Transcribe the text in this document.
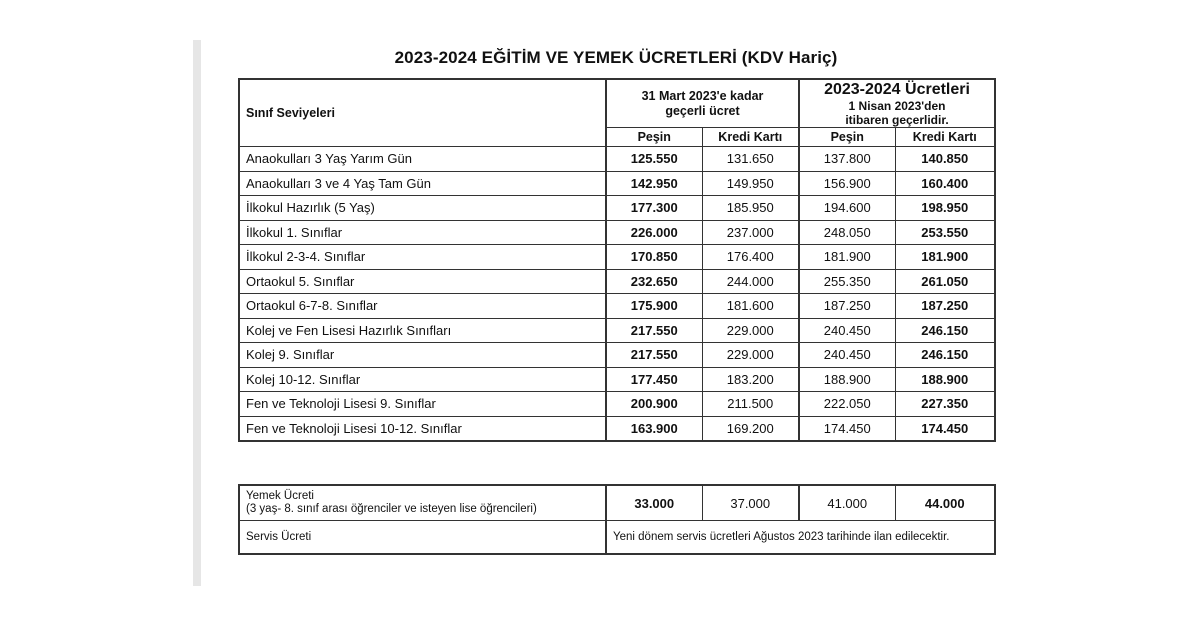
2023-2024 EĞİTİM VE YEMEK ÜCRETLERİ (KDV Hariç)
Sınıf Seviyeleri	31 Mart 2023'e kadar
geçerli ücret		2023-2024 Ücretleri
1 Nisan 2023'den
itibaren geçerlidir.	
	Peşin	Kredi Kartı	Peşin	Kredi Kartı
Anaokulları 3 Yaş Yarım Gün	125.550	131.650	137.800	140.850
Anaokulları 3 ve 4 Yaş Tam Gün	142.950	149.950	156.900	160.400
İlkokul Hazırlık (5 Yaş)	177.300	185.950	194.600	198.950
İlkokul 1. Sınıflar	226.000	237.000	248.050	253.550
İlkokul 2-3-4. Sınıflar	170.850	176.400	181.900	181.900
Ortaokul 5. Sınıflar	232.650	244.000	255.350	261.050
Ortaokul 6-7-8. Sınıflar	175.900	181.600	187.250	187.250
Kolej ve Fen Lisesi Hazırlık Sınıfları	217.550	229.000	240.450	246.150
Kolej 9. Sınıflar	217.550	229.000	240.450	246.150
Kolej 10-12. Sınıflar	177.450	183.200	188.900	188.900
Fen ve Teknoloji Lisesi 9. Sınıflar	200.900	211.500	222.050	227.350
Fen ve Teknoloji Lisesi 10-12. Sınıflar	163.900	169.200	174.450	174.450
Yemek Ücreti
(3 yaş- 8. sınıf arası öğrenciler ve isteyen lise öğrencileri)	33.000	37.000	41.000	44.000
Servis Ücreti	Yeni dönem servis ücretleri Ağustos 2023 tarihinde ilan edilecektir.			
